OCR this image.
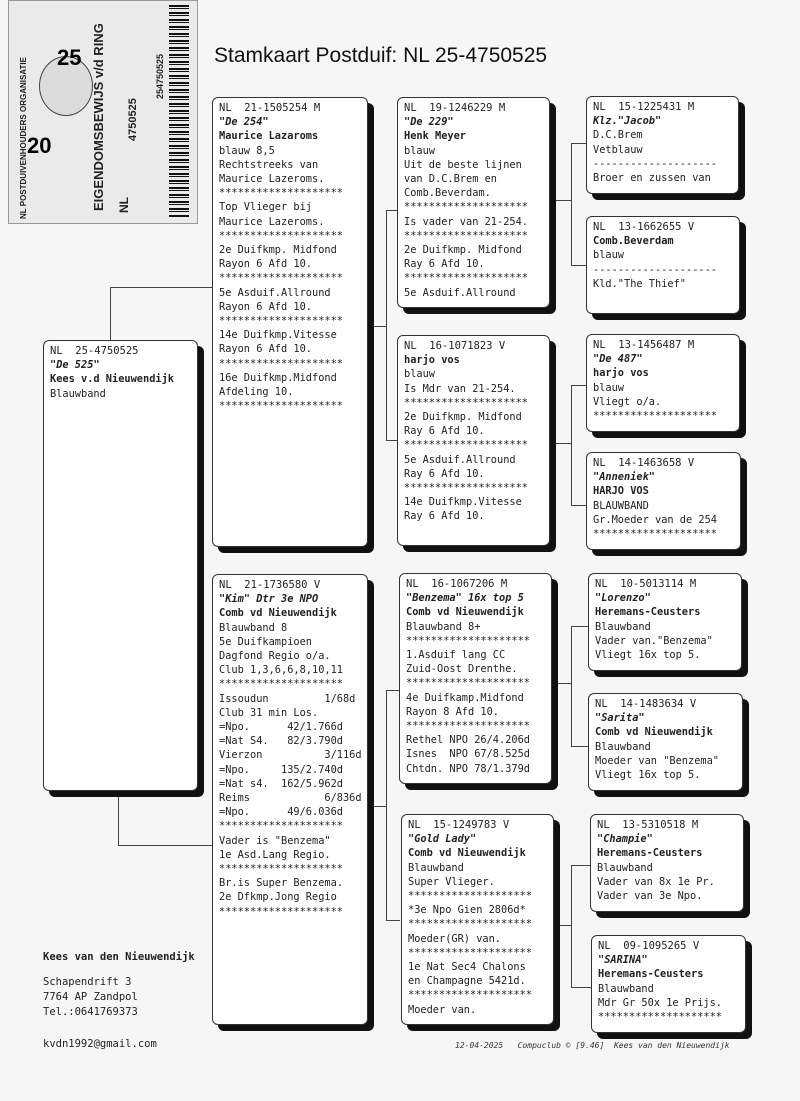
NL POSTDUIVENHOUDERS ORGANISATIE 20
25 EIGENDOMSBEWIJS v/d RING NL
4750525
254750525 Stamkaart Postduif: NL 25-4750525
NL  25-4750525
"De 525"
Kees v.d Nieuwendijk
Blauwband
NL  21-1505254 M
"De 254"
Maurice Lazaroms
blauw 8,5
Rechtstreeks van
Maurice Lazeroms.
********************
Top Vlieger bij
Maurice Lazeroms.
********************
2e Duifkmp. Midfond
Rayon 6 Afd 10.
********************
5e Asduif.Allround
Rayon 6 Afd 10.
********************
14e Duifkmp.Vitesse
Rayon 6 Afd 10.
********************
16e Duifkmp.Midfond
Afdeling 10.
********************
NL  21-1736580 V
"Kim" Dtr 3e NPO
Comb vd Nieuwendijk
Blauwband 8
5e Duifkampioen
Dagfond Regio o/a.
Club 1,3,6,6,8,10,11
********************
Issoudun         1/68d
Club 31 min Los.
=Npo.      42/1.766d
=Nat S4.   82/3.790d
Vierzon          3/116d
=Npo.     135/2.740d
=Nat s4.  162/5.962d
Reims            6/836d
=Npo.      49/6.036d
********************
Vader is "Benzema"
1e Asd.Lang Regio.
********************
Br.is Super Benzema.
2e Dfkmp.Jong Regio
********************
NL  19-1246229 M
"De 229"
Henk Meyer
blauw
Uit de beste lijnen
van D.C.Brem en
Comb.Beverdam.
********************
Is vader van 21-254.
********************
2e Duifkmp. Midfond
Ray 6 Afd 10.
********************
5e Asduif.Allround
NL  16-1071823 V
harjo vos
blauw
Is Mdr van 21-254.
********************
2e Duifkmp. Midfond
Ray 6 Afd 10.
********************
5e Asduif.Allround
Ray 6 Afd 10.
********************
14e Duifkmp.Vitesse
Ray 6 Afd 10.
NL  16-1067206 M
"Benzema" 16x top 5
Comb vd Nieuwendijk
Blauwband 8+
********************
1.Asduif lang CC
Zuid-Oost Drenthe.
********************
4e Duifkamp.Midfond
Rayon 8 Afd 10.
********************
Rethel NPO 26/4.206d
Isnes  NPO 67/8.525d
Chtdn. NPO 78/1.379d
NL  15-1249783 V
"Gold Lady"
Comb vd Nieuwendijk
Blauwband
Super Vlieger.
********************
*3e Npo Gien 2806d*
********************
Moeder(GR) van.
********************
1e Nat Sec4 Chalons
en Champagne 5421d.
********************
Moeder van.
NL  15-1225431 M
Klz."Jacob"
D.C.Brem
Vetblauw
--------------------
Broer en zussen van
NL  13-1662655 V
Comb.Beverdam
blauw
--------------------
Kld."The Thief"
NL  13-1456487 M
"De 487"
harjo vos
blauw
Vliegt o/a.
********************
NL  14-1463658 V
"Anneniek"
HARJO VOS
BLAUWBAND
Gr.Moeder van de 254
********************
NL  10-5013114 M
"Lorenzo"
Heremans-Ceusters
Blauwband
Vader van."Benzema"
Vliegt 16x top 5.
NL  14-1483634 V
"Sarita"
Comb vd Nieuwendijk
Blauwband
Moeder van "Benzema"
Vliegt 16x top 5.
NL  13-5310518 M
"Champie"
Heremans-Ceusters
Blauwband
Vader van 8x 1e Pr.
Vader van 3e Npo.
NL  09-1095265 V
"SARINA"
Heremans-Ceusters
Blauwband
Mdr Gr 50x 1e Prijs.
********************
Kees van den Nieuwendijk
Schapendrift 3
7764 AP Zandpol
Tel.:0641769373
kvdn1992@gmail.com	12-04-2025   Compuclub © [9.46]  Kees van den Nieuwendijk
